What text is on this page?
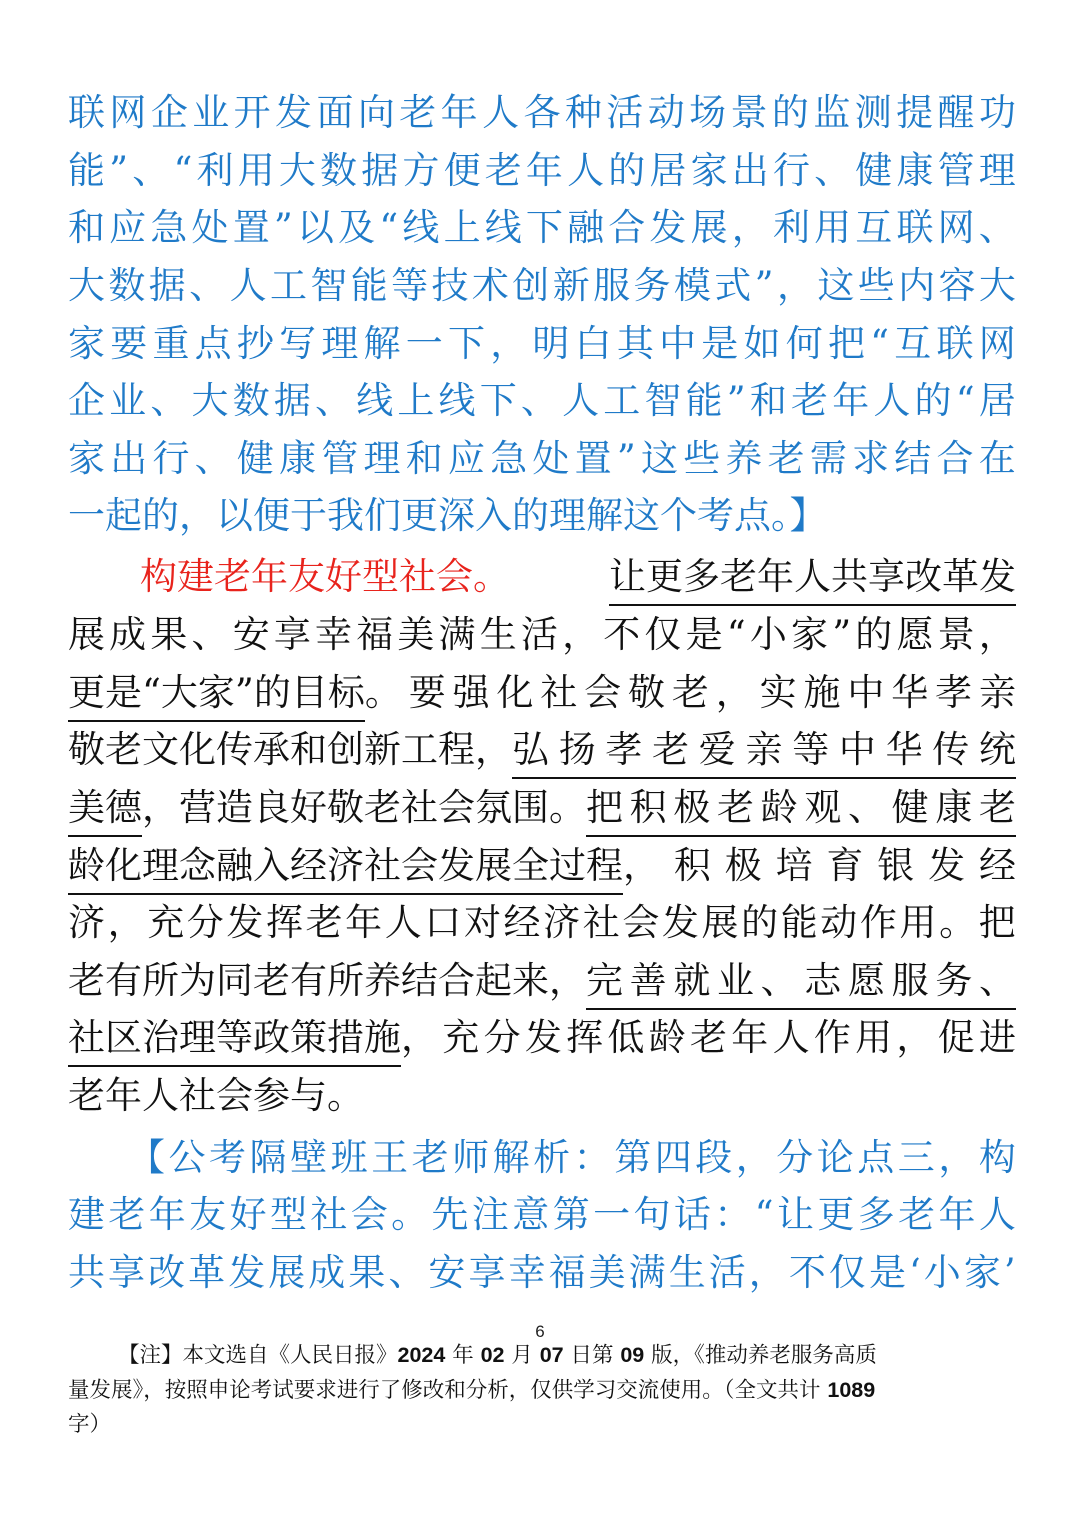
联 网 企 业 开 发 面 向 老 年 人 各 种 活 动 场 景 的 监 测 提 醒 功
能 ” 、 “ 利 用 大 数 据 方 便 老 年 人 的 居 家 出 行 、 健 康 管 理
和 应 急 处 置 ” 以 及 “ 线 上 线 下 融 合 发 展 ， 利 用 互 联 网 、
大 数 据 、 人 工 智 能 等 技 术 创 新 服 务 模 式 ” ， 这 些 内 容 大
家 要 重 点 抄 写 理 解 一 下 ， 明 白 其 中 是 如 何 把 “ 互 联 网
企 业 、 大 数 据 、 线 上 线 下 、 人 工 智 能 ” 和 老 年 人 的 “ 居
家 出 行 、 健 康 管 理 和 应 急 处 置 ” 这 些 养 老 需 求 结 合 在
一起的，以便于我们更深入的理解这个考点。】
构建老年友好型社会。	让更多老年人共享改革发
展 成 果 、 安 享 幸 福 美 满 生 活 ， 不 仅 是 “ 小 家 ” 的 愿 景 ，
更是“大家”的目标 。要强化社会敬老，实施中华孝亲
敬老文化传承和创新工程， 弘扬孝老爱亲等中华传统
美德 ，营造良好敬老社会氛围。 把积极老龄观、健康老
龄化理念融入经济社会发展全过程 ，积极培育银发经
济 ， 充 分 发 挥 老 年 人 口 对 经 济 社 会 发 展 的 能 动 作 用 。 把
老有所为同老有所养结合起来， 完善就业、志愿服务、
社区治理等政策措施 ，充分发挥低龄老年人作用，促进
老年人社会参与。
【 公 考 隔 壁 班 王 老 师 解 析 ： 第 四 段 ， 分 论 点 三 ， 构
建 老 年 友 好 型 社 会 。 先 注 意 第 一 句 话 ： “ 让 更 多 老 年 人
共 享 改 革 发 展 成 果 、 安 享 幸 福 美 满 生 活 ， 不 仅 是 ‘ 小 家 ’
6
【注】本文选自《人民日报》2024 年 02 月 07 日第 09 版，《推动养老服务高质
量发展》，按照申论考试要求进行了修改和分析，仅供学习交流使用。（全文共计 1089
字）
